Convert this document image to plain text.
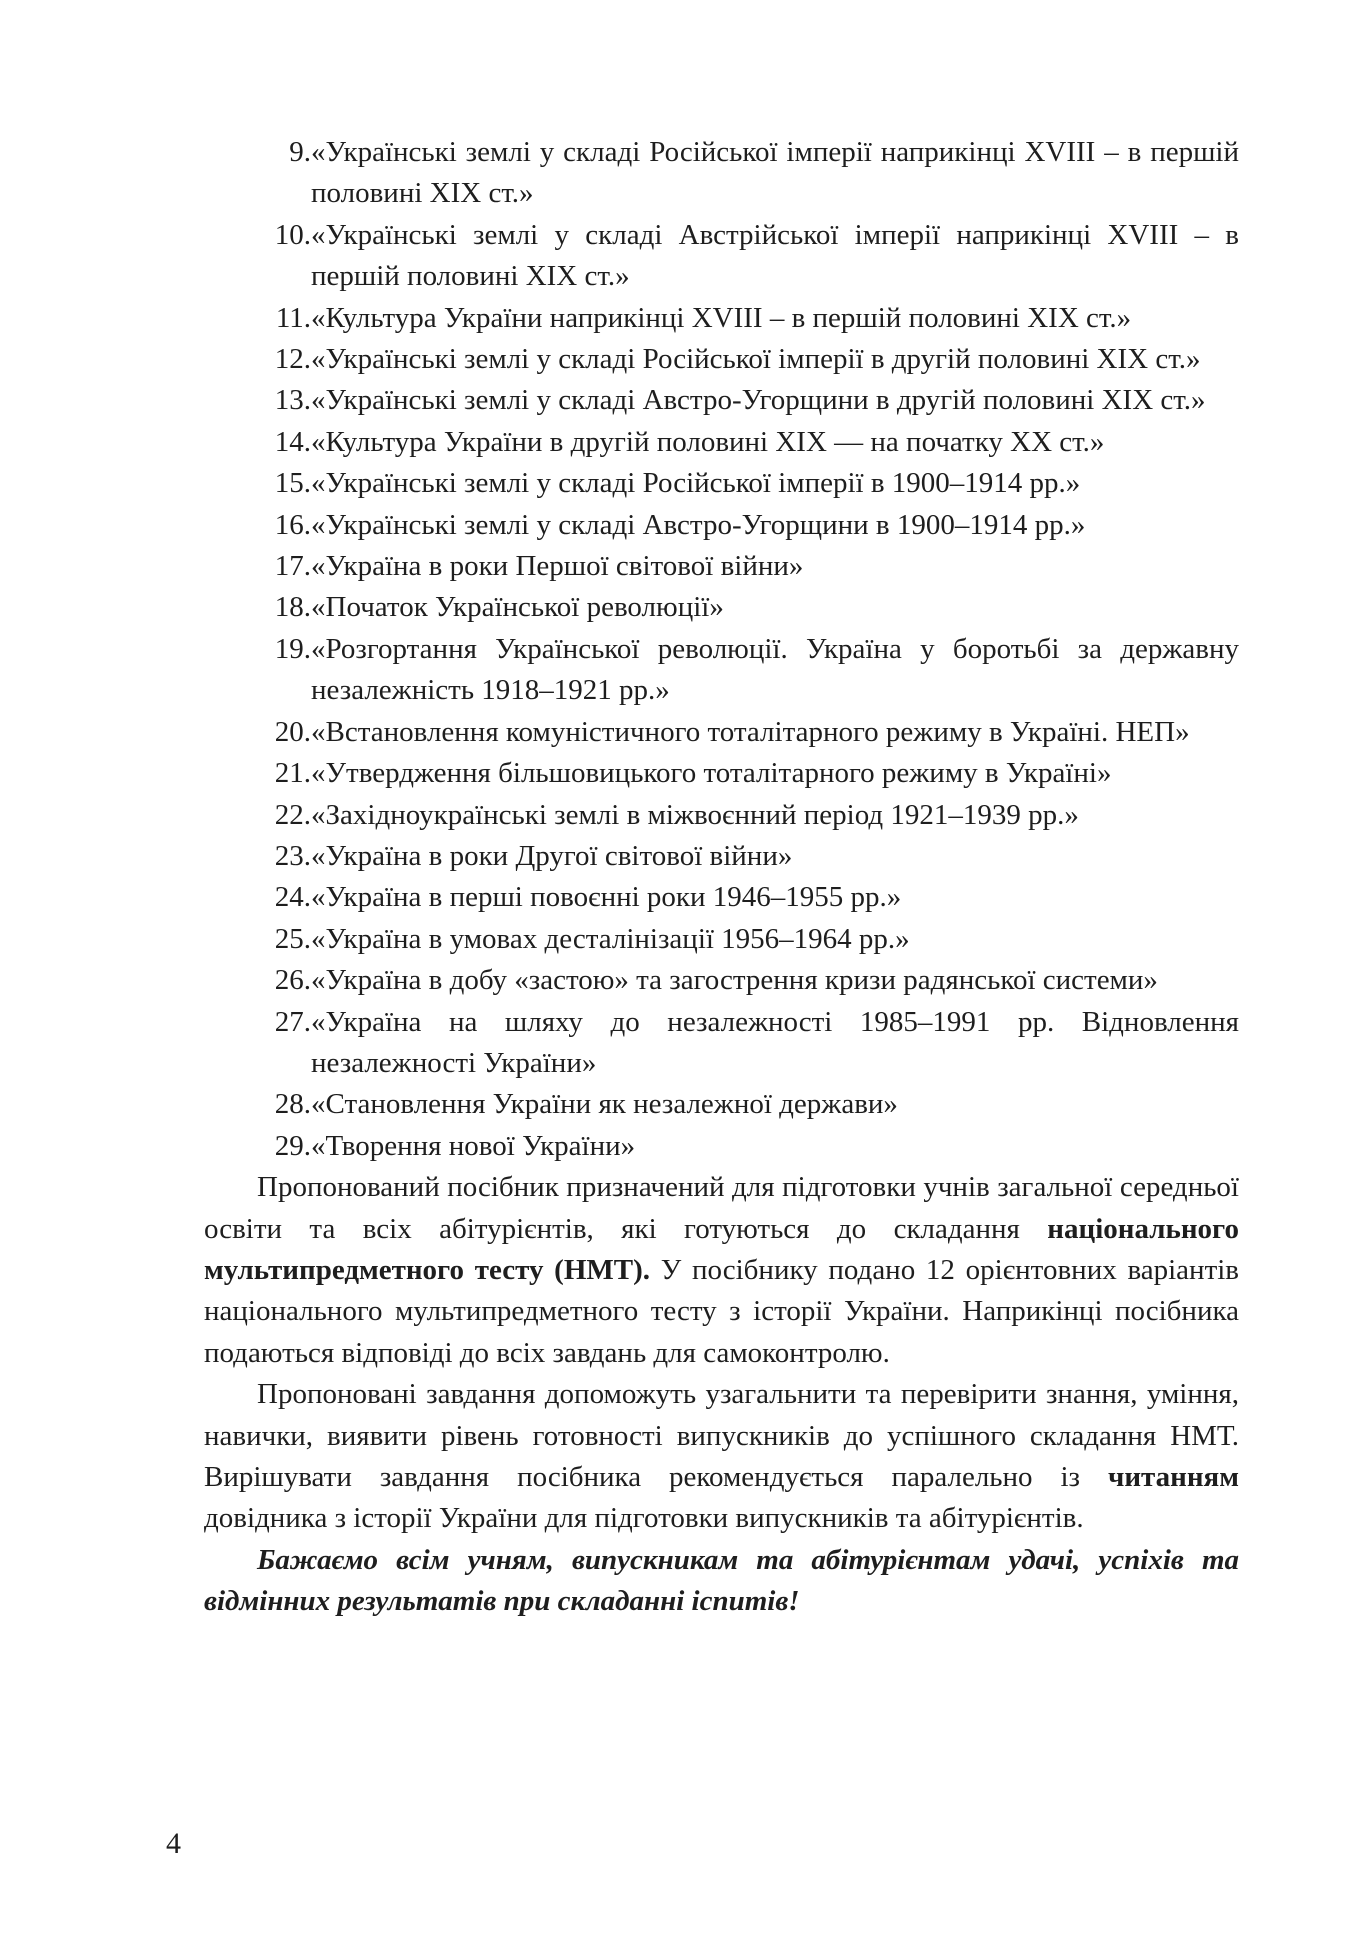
9. «Українські землі у складі Російської імперії наприкінці XVIII – в першій половині XIX ст.»
10. «Українські землі у складі Австрійської імперії наприкінці XVIII – в першій половині XIX ст.»
11. «Культура України наприкінці XVIII – в першій половині XIX ст.»
12. «Українські землі у складі Російської імперії в другій половині XIX ст.»
13. «Українські землі у складі Австро-Угорщини в другій половині XIX ст.»
14. «Культура України в другій половині XIX — на початку XX ст.»
15. «Українські землі у складі Російської імперії в 1900–1914 рр.»
16. «Українські землі у складі Австро-Угорщини в 1900–1914 рр.»
17. «Україна в роки Першої світової війни»
18. «Початок Української революції»
19. «Розгортання Української революції. Україна у боротьбі за державну незалежність 1918–1921 рр.»
20. «Встановлення комуністичного тоталітарного режиму в Україні. НЕП»
21. «Утвердження більшовицького тоталітарного режиму в Україні»
22. «Західноукраїнські землі в міжвоєнний період 1921–1939 рр.»
23. «Україна в роки Другої світової війни»
24. «Україна в перші повоєнні роки 1946–1955 рр.»
25. «Україна в умовах десталінізації 1956–1964 рр.»
26. «Україна в добу «застою» та загострення кризи радянської системи»
27. «Україна на шляху до незалежності 1985–1991 рр. Відновлення незалежності України»
28. «Становлення України як незалежної держави»
29. «Творення нової України»

Пропонований посібник призначений для підготовки учнів загальної середньої освіти та всіх абітурієнтів, які готуються до складання національного мультипредметного тесту (НМТ). У посібнику подано 12 орієнтовних варіантів національного мультипредметного тесту з історії України. Наприкінці посібника подаються відповіді до всіх завдань для самоконтролю.

Пропоновані завдання допоможуть узагальнити та перевірити знання, уміння, навички, виявити рівень готовності випускників до успішного складання НМТ. Вирішувати завдання посібника рекомендується паралельно із читанням довідника з історії України для підготовки випускників та абітурієнтів.

Бажаємо всім учням, випускникам та абітурієнтам удачі, успіхів та відмінних результатів при складанні іспитів!

4
